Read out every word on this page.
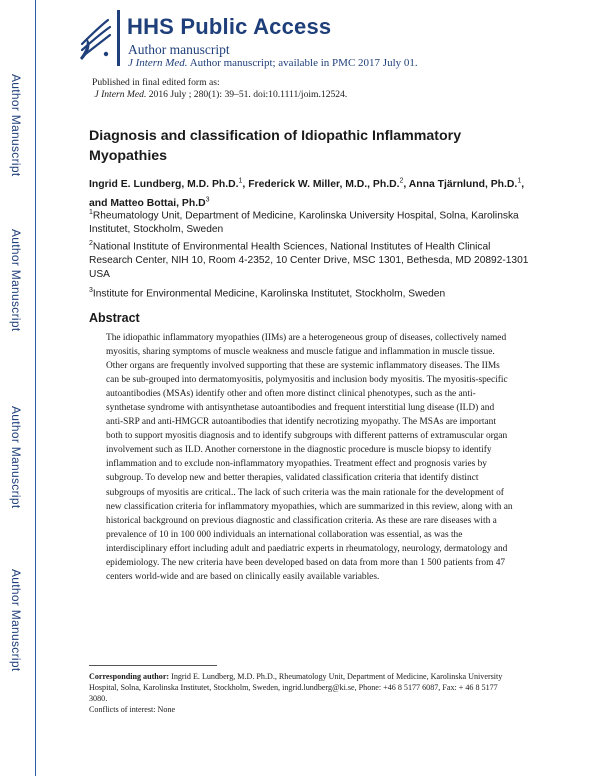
HHS Public Access
Author manuscript
J Intern Med. Author manuscript; available in PMC 2017 July 01.
Author Manuscript
Author Manuscript
Author Manuscript
Author Manuscript
Published in final edited form as:
J Intern Med. 2016 July ; 280(1): 39–51. doi:10.1111/joim.12524.
Diagnosis and classification of Idiopathic Inflammatory Myopathies
Ingrid E. Lundberg, M.D. Ph.D.$^1$, Frederick W. Miller, M.D., Ph.D.$^2$, Anna Tjärnlund, Ph.D.$^1$, and Matteo Bottai, $Ph.D^3$
$^1$Rheumatology Unit, Department of Medicine, Karolinska University Hospital, Solna, Karolinska Institutet, Stockholm, Sweden
$^2$National Institute of Environmental Health Sciences, National Institutes of Health Clinical Research Center, NIH 10, Room 4-2352, 10 Center Drive, MSC 1301, Bethesda, MD 20892-1301 USA
$^3$Institute for Environmental Medicine, Karolinska Institutet, Stockholm, Sweden
Abstract
The idiopathic inflammatory myopathies (IIMs) are a heterogeneous group of diseases, collectively named myositis, sharing symptoms of muscle weakness and muscle fatigue and inflammation in muscle tissue. Other organs are frequently involved supporting that these are systemic inflammatory diseases. The IIMs can be sub-grouped into dermatomyositis, polymyositis and inclusion body myositis. The myositis-specific autoantibodies (MSAs) identify other and often more distinct clinical phenotypes, such as the anti-synthetase syndrome with antisynthetase autoantibodies and frequent interstitial lung disease (ILD) and anti-SRP and anti-HMGCR autoantibodies that identify necrotizing myopathy. The MSAs are important both to support myositis diagnosis and to identify subgroups with different patterns of extramuscular organ involvement such as ILD. Another cornerstone in the diagnostic procedure is muscle biopsy to identify inflammation and to exclude non-inflammatory myopathies. Treatment effect and prognosis varies by subgroup. To develop new and better therapies, validated classification criteria that identify distinct subgroups of myositis are critical.. The lack of such criteria was the main rationale for the development of new classification criteria for inflammatory myopathies, which are summarized in this review, along with an historical background on previous diagnostic and classification criteria. As these are rare diseases with a prevalence of 10 in 100 000 individuals an international collaboration was essential, as was the interdisciplinary effort including adult and paediatric experts in rheumatology, neurology, dermatology and epidemiology. The new criteria have been developed based on data from more than 1 500 patients from 47 centers world-wide and are based on clinically easily available variables.
Corresponding author: Ingrid E. Lundberg, M.D. Ph.D., Rheumatology Unit, Department of Medicine, Karolinska University Hospital, Solna, Karolinska Institutet, Stockholm, Sweden, ingrid.lundberg@ki.se, Phone: +46 8 5177 6087, Fax: + 46 8 5177 3080.
Conflicts of interest: None
